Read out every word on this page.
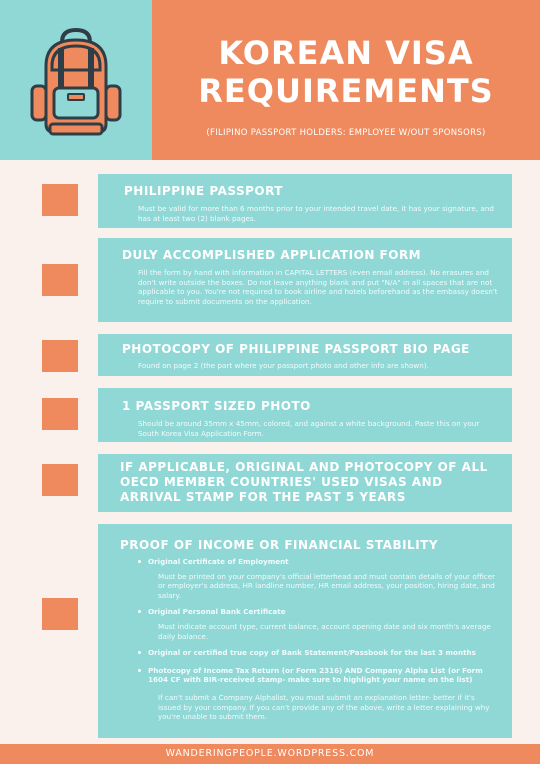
KOREAN VISA
REQUIREMENTS
(FILIPINO PASSPORT HOLDERS: EMPLOYEE W/OUT SPONSORS)
PHILIPPINE PASSPORT

Must be valid for more than 6 months prior to your intended travel date, it has your signature, and has at least two (2) blank pages.

DULY ACCOMPLISHED APPLICATION FORM

Fill the form by hand with information in CAPITAL LETTERS (even email address). No erasures and don't write outside the boxes. Do not leave anything blank and put "N/A" in all spaces that are not applicable to you. You're not required to book airline and hotels beforehand as the embassy doesn't require to submit documents on the application.

PHOTOCOPY OF PHILIPPINE PASSPORT BIO PAGE

Found on page 2 (the part where your passport photo and other info are shown).

1 PASSPORT SIZED PHOTO

Should be around 35mm x 45mm, colored, and against a white background. Paste this on your South Korea Visa Application Form.

IF APPLICABLE, ORIGINAL AND PHOTOCOPY OF ALL OECD MEMBER COUNTRIES' USED VISAS AND ARRIVAL STAMP FOR THE PAST 5 YEARS
PROOF OF INCOME OR FINANCIAL STABILITY

Original Certificate of Employment

Must be printed on your company's official letterhead and must contain details of your officer or employer's address, HR landline number, HR email address, your position, hiring date, and salary.

Original Personal Bank Certificate

Must indicate account type, current balance, account opening date and six month's average daily balance.

Original or certified true copy of Bank Statement/Passbook for the last 3 months

Photocopy of Income Tax Return (or Form 2316) AND Company Alpha List (or Form 1604 CF with BIR-received stamp- make sure to highlight your name on the list)

If can't submit a Company Alphalist, you must submit an explanation letter- better if it's issued by your company. If you can't provide any of the above, write a letter explaining why you're unable to submit them.

WANDERINGPEOPLE.WORDPRESS.COM
